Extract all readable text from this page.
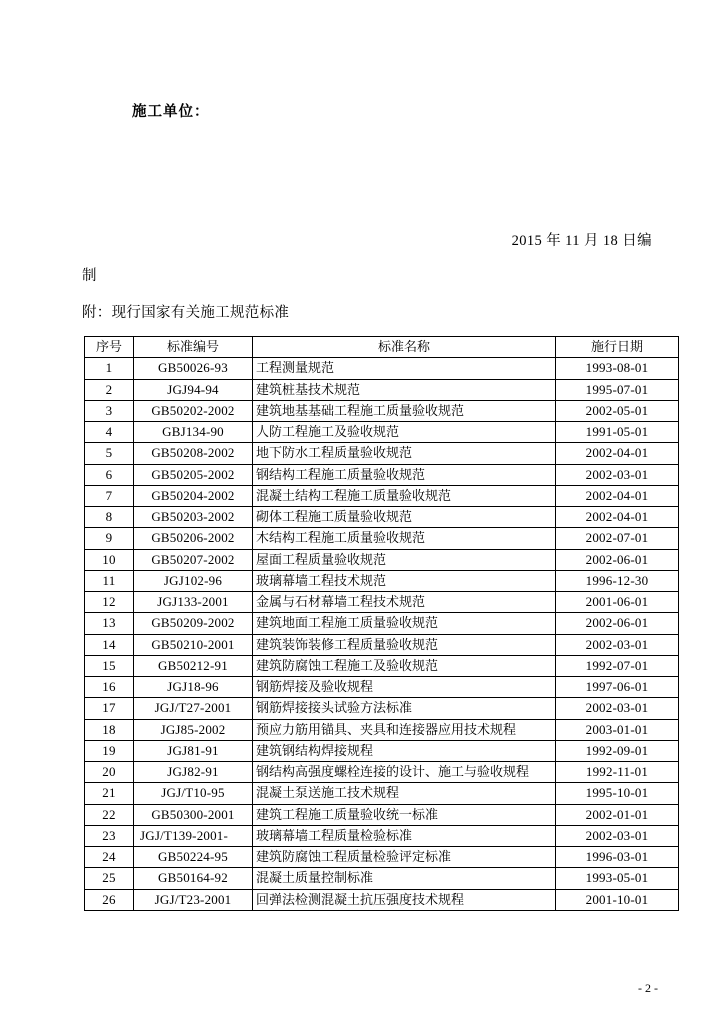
施工单位：
2015 年 11 月 18 日编
制
附：现行国家有关施工规范标准
序号	标准编号	标准名称	施行日期
1	GB50026-93	工程测量规范	1993-08-01
2	JGJ94-94	建筑桩基技术规范	1995-07-01
3	GB50202-2002	建筑地基基础工程施工质量验收规范	2002-05-01
4	GBJ134-90	人防工程施工及验收规范	1991-05-01
5	GB50208-2002	地下防水工程质量验收规范	2002-04-01
6	GB50205-2002	钢结构工程施工质量验收规范	2002-03-01
7	GB50204-2002	混凝土结构工程施工质量验收规范	2002-04-01
8	GB50203-2002	砌体工程施工质量验收规范	2002-04-01
9	GB50206-2002	木结构工程施工质量验收规范	2002-07-01
10	GB50207-2002	屋面工程质量验收规范	2002-06-01
11	JGJ102-96	玻璃幕墙工程技术规范	1996-12-30
12	JGJ133-2001	金属与石材幕墙工程技术规范	2001-06-01
13	GB50209-2002	建筑地面工程施工质量验收规范	2002-06-01
14	GB50210-2001	建筑装饰装修工程质量验收规范	2002-03-01
15	GB50212-91	建筑防腐蚀工程施工及验收规范	1992-07-01
16	JGJ18-96	钢筋焊接及验收规程	1997-06-01
17	JGJ/T27-2001	钢筋焊接接头试验方法标准	2002-03-01
18	JGJ85-2002	预应力筋用锚具、夹具和连接器应用技术规程	2003-01-01
19	JGJ81-91	建筑钢结构焊接规程	1992-09-01
20	JGJ82-91	钢结构高强度螺栓连接的设计、施工与验收规程	1992-11-01
21	JGJ/T10-95	混凝土泵送施工技术规程	1995-10-01
22	GB50300-2001	建筑工程施工质量验收统一标准	2002-01-01
23	JGJ/T139-2001-	玻璃幕墙工程质量检验标准	2002-03-01
24	GB50224-95	建筑防腐蚀工程质量检验评定标准	1996-03-01
25	GB50164-92	混凝土质量控制标准	1993-05-01
26	JGJ/T23-2001	回弹法检测混凝土抗压强度技术规程	2001-10-01
- 2 -
